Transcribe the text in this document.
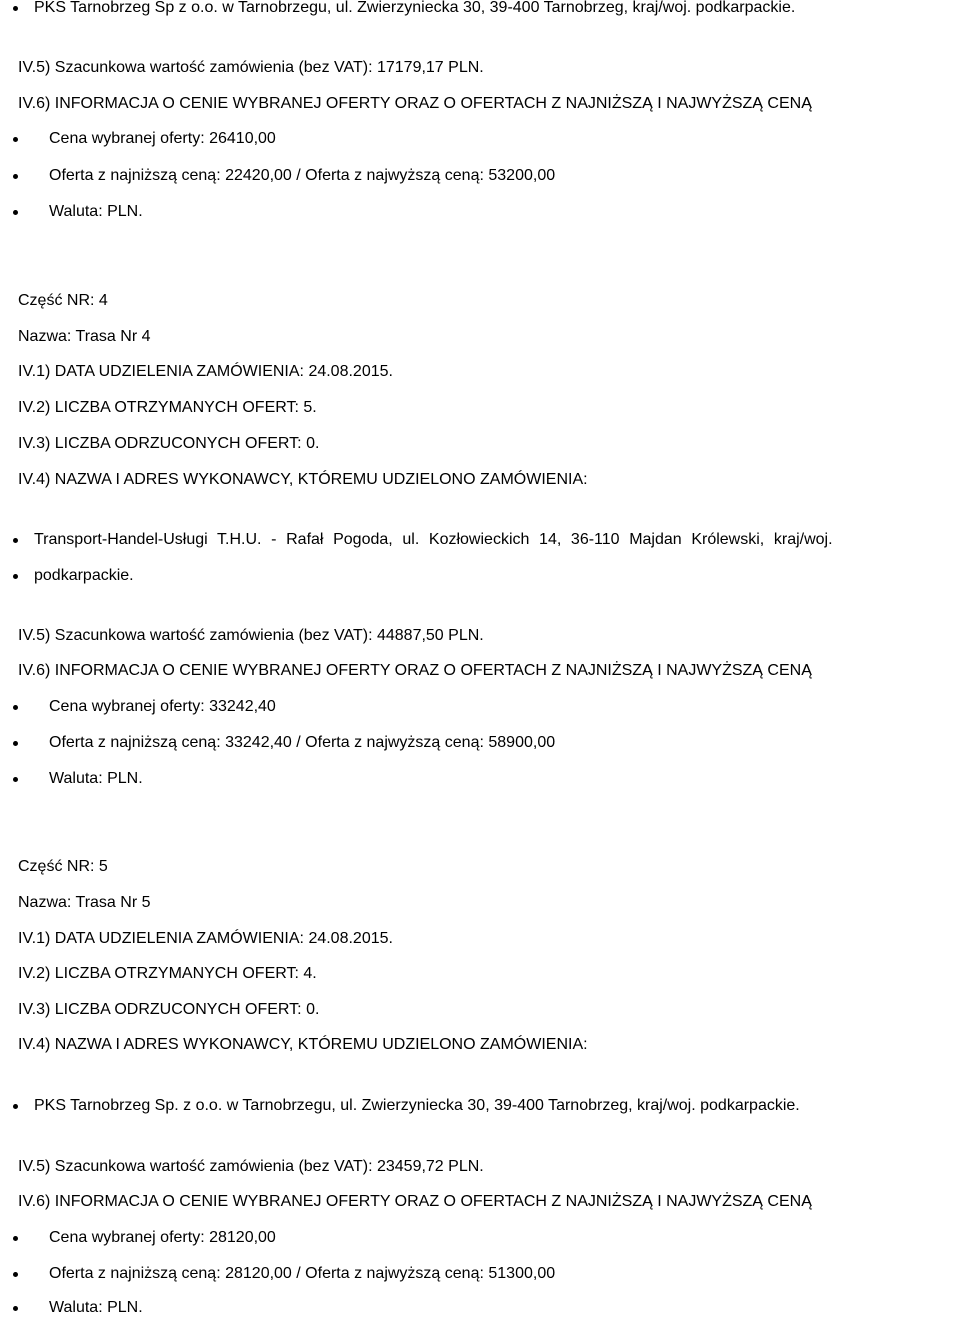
PKS Tarnobrzeg Sp z o.o. w Tarnobrzegu, ul. Zwierzyniecka 30, 39-400 Tarnobrzeg, kraj/woj. podkarpackie.
IV.5) Szacunkowa wartość zamówienia (bez VAT): 17179,17 PLN.
IV.6) INFORMACJA O CENIE WYBRANEJ OFERTY ORAZ O OFERTACH Z NAJNIŻSZĄ I NAJWYŻSZĄ CENĄ
Cena wybranej oferty: 26410,00
Oferta z najniższą ceną: 22420,00 / Oferta z najwyższą ceną: 53200,00
Waluta: PLN.
Część NR: 4
Nazwa: Trasa Nr 4
IV.1) DATA UDZIELENIA ZAMÓWIENIA: 24.08.2015.
IV.2) LICZBA OTRZYMANYCH OFERT: 5.
IV.3) LICZBA ODRZUCONYCH OFERT: 0.
IV.4) NAZWA I ADRES WYKONAWCY, KTÓREMU UDZIELONO ZAMÓWIENIA:
Transport-Handel-Usługi T.H.U. - Rafał Pogoda, ul. Kozłowieckich 14, 36-110 Majdan Królewski, kraj/woj.
podkarpackie.
IV.5) Szacunkowa wartość zamówienia (bez VAT): 44887,50 PLN.
IV.6) INFORMACJA O CENIE WYBRANEJ OFERTY ORAZ O OFERTACH Z NAJNIŻSZĄ I NAJWYŻSZĄ CENĄ
Cena wybranej oferty: 33242,40
Oferta z najniższą ceną: 33242,40 / Oferta z najwyższą ceną: 58900,00
Waluta: PLN.
Część NR: 5
Nazwa: Trasa Nr 5
IV.1) DATA UDZIELENIA ZAMÓWIENIA: 24.08.2015.
IV.2) LICZBA OTRZYMANYCH OFERT: 4.
IV.3) LICZBA ODRZUCONYCH OFERT: 0.
IV.4) NAZWA I ADRES WYKONAWCY, KTÓREMU UDZIELONO ZAMÓWIENIA:
PKS Tarnobrzeg Sp. z o.o. w Tarnobrzegu, ul. Zwierzyniecka 30, 39-400 Tarnobrzeg, kraj/woj. podkarpackie.
IV.5) Szacunkowa wartość zamówienia (bez VAT): 23459,72 PLN.
IV.6) INFORMACJA O CENIE WYBRANEJ OFERTY ORAZ O OFERTACH Z NAJNIŻSZĄ I NAJWYŻSZĄ CENĄ
Cena wybranej oferty: 28120,00
Oferta z najniższą ceną: 28120,00 / Oferta z najwyższą ceną: 51300,00
Waluta: PLN.
